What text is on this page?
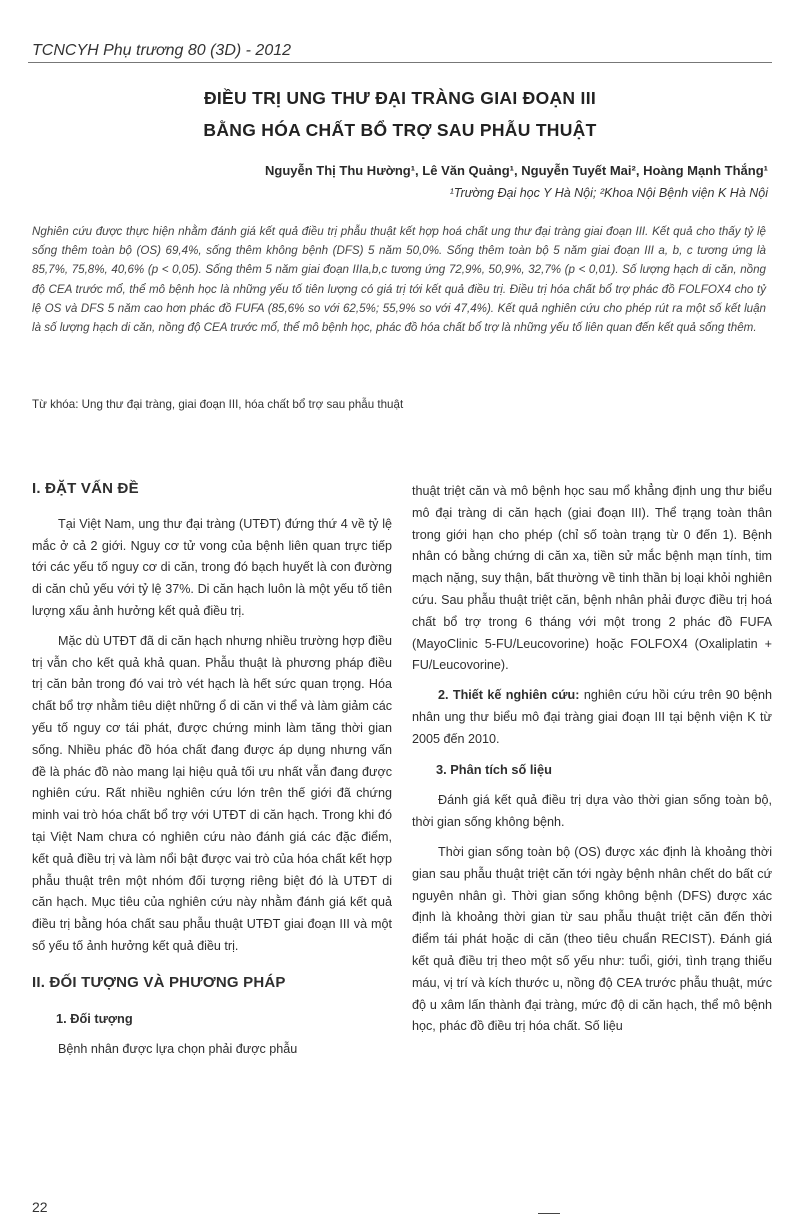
TCNCYH Phụ trương 80 (3D) - 2012
ĐIỀU TRỊ UNG THƯ ĐẠI TRÀNG GIAI ĐOẠN III
BẰNG HÓA CHẤT BỔ TRỢ SAU PHẪU THUẬT
Nguyễn Thị Thu Hường¹, Lê Văn Quảng¹, Nguyễn Tuyết Mai², Hoàng Mạnh Thắng¹
¹Trường Đại học Y Hà Nội; ²Khoa Nội Bệnh viện K Hà Nội
Nghiên cứu được thực hiện nhằm đánh giá kết quả điều trị phẫu thuật kết hợp hoá chất ung thư đại tràng giai đoạn III. Kết quả cho thấy tỷ lệ sống thêm toàn bộ (OS) 69,4%, sống thêm không bệnh (DFS) 5 năm 50,0%. Sống thêm toàn bộ 5 năm giai đoạn III a, b, c tương ứng là 85,7%, 75,8%, 40,6% (p < 0,05). Sống thêm 5 năm giai đoạn IIIa,b,c tương ứng 72,9%, 50,9%, 32,7% (p < 0,01). Số lượng hạch di căn, nồng độ CEA trước mổ, thể mô bệnh học là những yếu tố tiên lượng có giá trị tới kết quả điều trị. Điều trị hóa chất bổ trợ phác đồ FOLFOX4 cho tỷ lệ OS và DFS 5 năm cao hơn phác đồ FUFA (85,6% so với 62,5%; 55,9% so với 47,4%). Kết quả nghiên cứu cho phép rút ra một số kết luận là số lượng hạch di căn, nồng độ CEA trước mổ, thể mô bệnh học, phác đồ hóa chất bổ trợ là những yếu tố liên quan đến kết quả sống thêm.
Từ khóa: Ung thư đại tràng, giai đoạn III, hóa chất bổ trợ sau phẫu thuật
I. ĐẶT VẤN ĐỀ

Tại Việt Nam, ung thư đại tràng (UTĐT) đứng thứ 4 về tỷ lệ mắc ở cả 2 giới. Nguy cơ tử vong của bệnh liên quan trực tiếp tới các yếu tố nguy cơ di căn, trong đó bạch huyết là con đường di căn chủ yếu với tỷ lệ 37%. Di căn hạch luôn là một yếu tố tiên lượng xấu ảnh hưởng kết quả điều trị.

Mặc dù UTĐT đã di căn hạch nhưng nhiều trường hợp điều trị vẫn cho kết quả khả quan. Phẫu thuật là phương pháp điều trị căn bản trong đó vai trò vét hạch là hết sức quan trọng. Hóa chất bổ trợ nhằm tiêu diệt những ổ di căn vi thể và làm giảm các yếu tố nguy cơ tái phát, được chứng minh làm tăng thời gian sống. Nhiều phác đồ hóa chất đang được áp dụng nhưng vấn đề là phác đồ nào mang lại hiệu quả tối ưu nhất vẫn đang được nghiên cứu. Rất nhiều nghiên cứu lớn trên thế giới đã chứng minh vai trò hóa chất bổ trợ với UTĐT di căn hạch. Trong khi đó tại Việt Nam chưa có nghiên cứu nào đánh giá các đặc điểm, kết quả điều trị và làm nổi bật được vai trò của hóa chất kết hợp phẫu thuật trên một nhóm đối tượng riêng biệt đó là UTĐT di căn hạch. Mục tiêu của nghiên cứu này nhằm đánh giá kết quả điều trị bằng hóa chất sau phẫu thuật UTĐT giai đoạn III và một số yếu tố ảnh hưởng kết quả điều trị.

II. ĐỐI TƯỢNG VÀ PHƯƠNG PHÁP
1. Đối tượng

Bệnh nhân được lựa chọn phải được phẫu

thuật triệt căn và mô bệnh học sau mổ khẳng định ung thư biểu mô đại tràng di căn hạch (giai đoạn III). Thể trạng toàn thân trong giới hạn cho phép (chỉ số toàn trạng từ 0 đến 1). Bệnh nhân có bằng chứng di căn xa, tiền sử mắc bệnh mạn tính, tim mạch nặng, suy thận, bất thường về tinh thần bị loại khỏi nghiên cứu. Sau phẫu thuật triệt căn, bệnh nhân phải được điều trị hoá chất bổ trợ trong 6 tháng với một trong 2 phác đồ FUFA (MayoClinic 5-FU/Leucovorine) hoặc FOLFOX4 (Oxaliplatin + FU/Leucovorine).

2. Thiết kế nghiên cứu: nghiên cứu hồi cứu trên 90 bệnh nhân ung thư biểu mô đại tràng giai đoạn III tại bệnh viện K từ 2005 đến 2010.

3. Phân tích số liệu

Đánh giá kết quả điều trị dựa vào thời gian sống toàn bộ, thời gian sống không bệnh.

Thời gian sống toàn bộ (OS) được xác định là khoảng thời gian sau phẫu thuật triệt căn tới ngày bệnh nhân chết do bất cứ nguyên nhân gì. Thời gian sống không bệnh (DFS) được xác định là khoảng thời gian từ sau phẫu thuật triệt căn đến thời điểm tái phát hoặc di căn (theo tiêu chuẩn RECIST). Đánh giá kết quả điều trị theo một số yếu như: tuổi, giới, tình trạng thiếu máu, vị trí và kích thước u, nồng độ CEA trước phẫu thuật, mức độ u xâm lấn thành đại tràng, mức độ di căn hạch, thể mô bệnh học, phác đồ điều trị hóa chất. Số liệu

22
